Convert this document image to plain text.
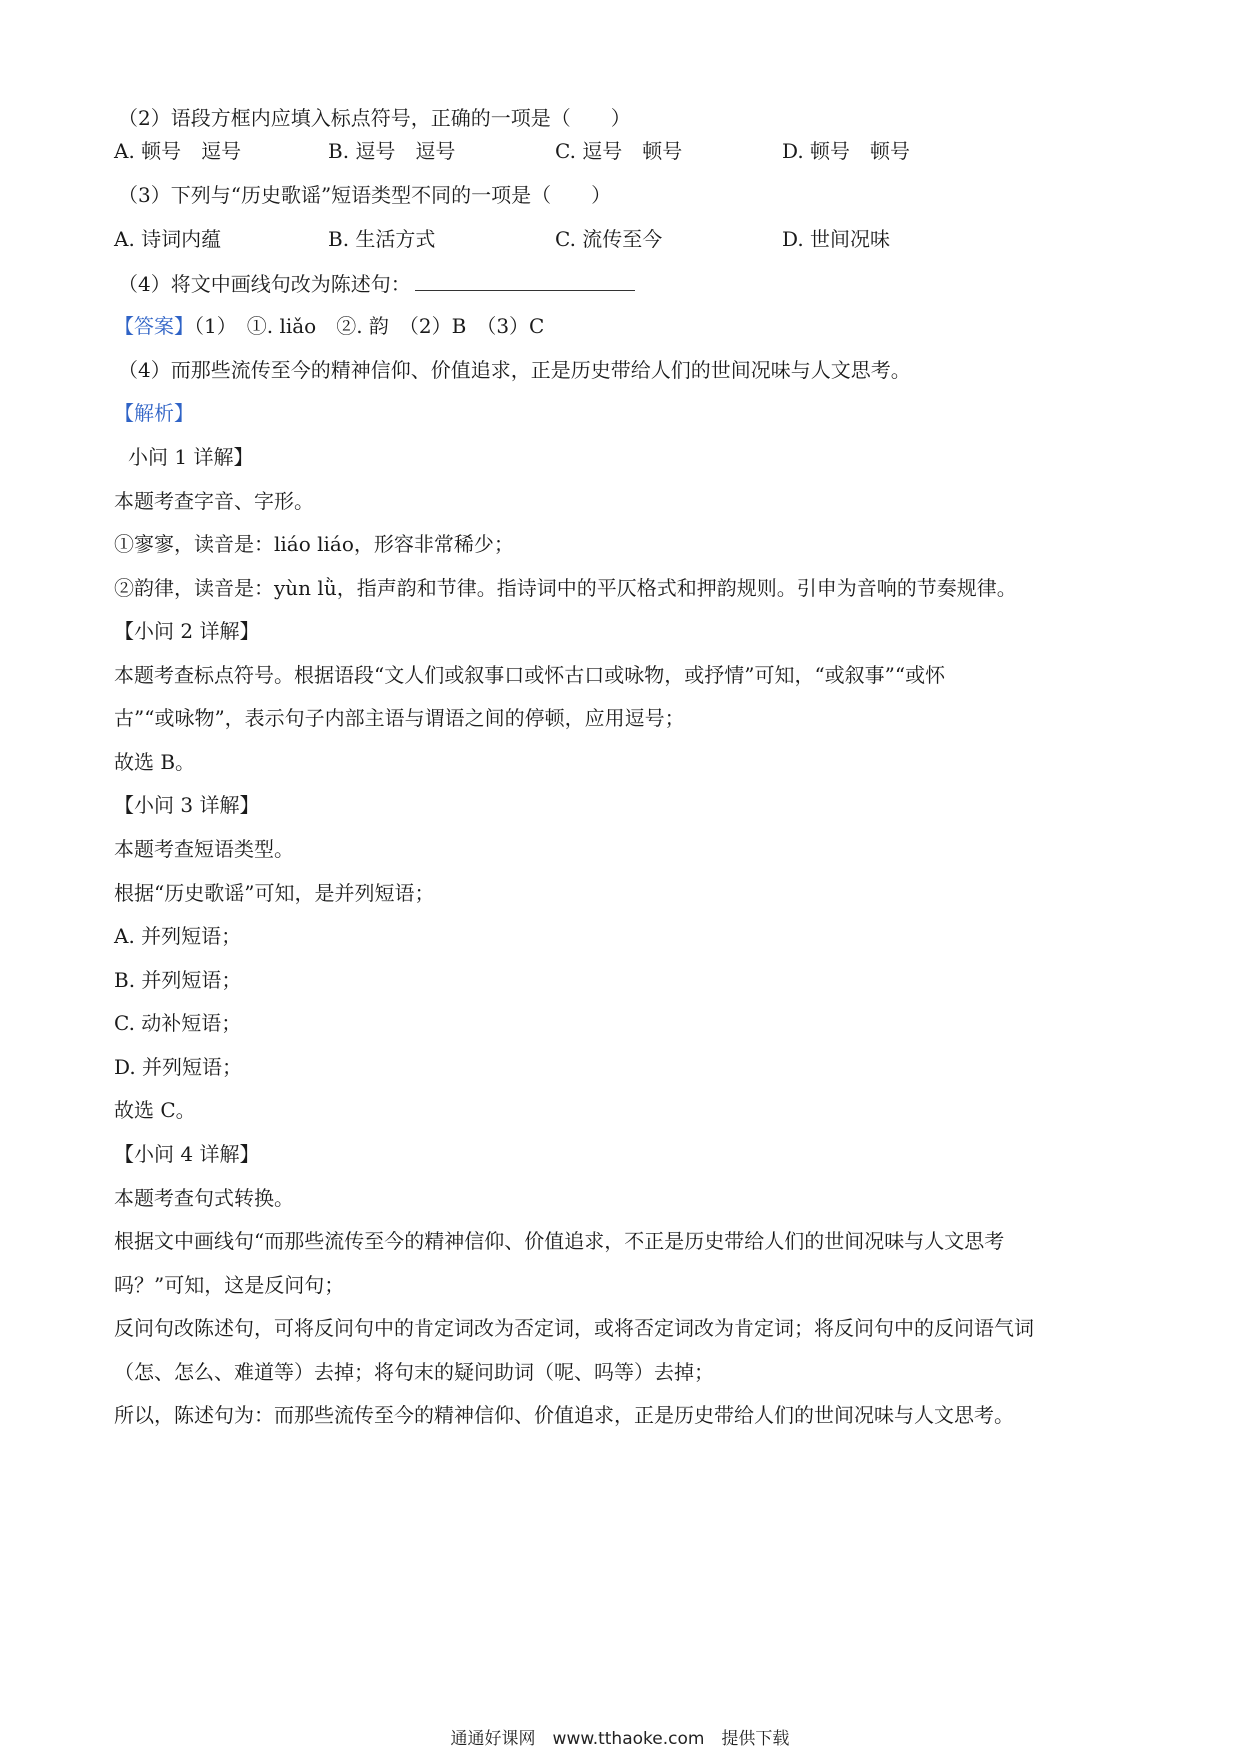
（2）语段方框内应填入标点符号，正确的一项是（　　）
A. 顿号　逗号	B. 逗号　逗号	C. 逗号　顿号	D. 顿号　顿号
（3）下列与“历史歌谣”短语类型不同的一项是（　　）
A. 诗词内蕴	B. 生活方式	C. 流传至今	D. 世间况味
（4）将文中画线句改为陈述句：
【答案】（1）　①. liǎo　②. 韵　（2）B　（3）C
（4）而那些流传至今的精神信仰、价值追求，正是历史带给人们的世间况味与人文思考。
【解析】
小问 1 详解】
本题考查字音、字形。
①寥寥，读音是：liáo liáo，形容非常稀少；
②韵律，读音是：yùn lǜ，指声韵和节律。指诗词中的平仄格式和押韵规则。引申为音响的节奏规律。
【小问 2 详解】
本题考查标点符号。根据语段“文人们或叙事口或怀古口或咏物，或抒情”可知，“或叙事”“或怀
古”“或咏物”，表示句子内部主语与谓语之间的停顿，应用逗号；
故选 B。
【小问 3 详解】
本题考查短语类型。
根据“历史歌谣”可知，是并列短语；
A. 并列短语；
B. 并列短语；
C. 动补短语；
D. 并列短语；
故选 C。
【小问 4 详解】
本题考查句式转换。
根据文中画线句“而那些流传至今的精神信仰、价值追求，不正是历史带给人们的世间况味与人文思考
吗？”可知，这是反问句；
反问句改陈述句，可将反问句中的肯定词改为否定词，或将否定词改为肯定词；将反问句中的反问语气词
（怎、怎么、难道等）去掉；将句末的疑问助词（呢、吗等）去掉；
所以，陈述句为：而那些流传至今的精神信仰、价值追求，正是历史带给人们的世间况味与人文思考。
通通好课网　www.tthaoke.com　提供下载
